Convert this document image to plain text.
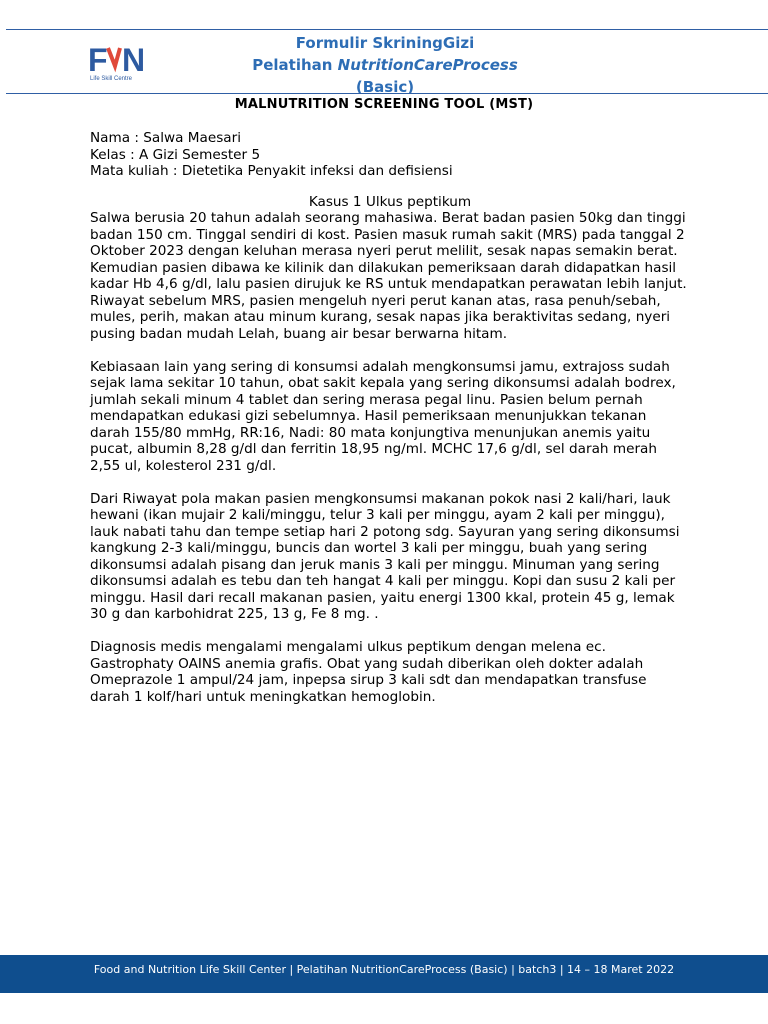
F N
Life Skill Centre
Formulir SkriningGizi
Pelatihan NutritionCareProcess (Basic)
MALNUTRITION SCREENING TOOL (MST)

Nama : Salwa Maesari

Kelas : A Gizi Semester 5

Mata kuliah : Dietetika Penyakit infeksi dan defisiensi

Kasus 1 Ulkus peptikum

Salwa berusia 20 tahun adalah seorang mahasiwa. Berat badan pasien 50kg dan tinggi badan 150 cm. Tinggal sendiri di kost. Pasien masuk rumah sakit (MRS) pada tanggal 2 Oktober 2023 dengan keluhan merasa nyeri perut melilit, sesak napas semakin berat. Kemudian pasien dibawa ke kilinik dan dilakukan pemeriksaan darah didapatkan hasil kadar Hb 4,6 g/dl, lalu pasien dirujuk ke RS untuk mendapatkan perawatan lebih lanjut. Riwayat sebelum MRS, pasien mengeluh nyeri perut kanan atas, rasa penuh/sebah, mules, perih, makan atau minum kurang, sesak napas jika beraktivitas sedang, nyeri pusing badan mudah Lelah, buang air besar berwarna hitam.

Kebiasaan lain yang sering di konsumsi adalah mengkonsumsi jamu, extrajoss sudah sejak lama sekitar 10 tahun, obat sakit kepala yang sering dikonsumsi adalah bodrex, jumlah sekali minum 4 tablet dan sering merasa pegal linu. Pasien belum pernah mendapatkan edukasi gizi sebelumnya. Hasil pemeriksaan menunjukkan tekanan darah 155/80 mmHg, RR:16, Nadi: 80 mata konjungtiva menunjukan anemis yaitu pucat, albumin 8,28 g/dl dan ferritin 18,95 ng/ml. MCHC 17,6 g/dl, sel darah merah 2,55 ul, kolesterol 231 g/dl.

Dari Riwayat pola makan pasien mengkonsumsi makanan pokok nasi 2 kali/hari, lauk hewani (ikan mujair 2 kali/minggu, telur 3 kali per minggu, ayam 2 kali per minggu), lauk nabati tahu dan tempe setiap hari 2 potong sdg. Sayuran yang sering dikonsumsi kangkung 2-3 kali/minggu, buncis dan wortel 3 kali per minggu, buah yang sering dikonsumsi adalah pisang dan jeruk manis 3 kali per minggu. Minuman yang sering dikonsumsi adalah es tebu dan teh hangat 4 kali per minggu. Kopi dan susu 2 kali per minggu. Hasil dari recall makanan pasien, yaitu energi 1300 kkal, protein 45 g, lemak 30 g dan karbohidrat 225, 13 g, Fe 8 mg. .

Diagnosis medis mengalami mengalami ulkus peptikum dengan melena ec. Gastrophaty OAINS anemia grafis. Obat yang sudah diberikan oleh dokter adalah Omeprazole 1 ampul/24 jam, inpepsa sirup 3 kali sdt dan mendapatkan transfuse darah 1 kolf/hari untuk meningkatkan hemoglobin.

Food and Nutrition Life Skill Center | Pelatihan NutritionCareProcess (Basic) | batch3 | 14 – 18 Maret 2022
